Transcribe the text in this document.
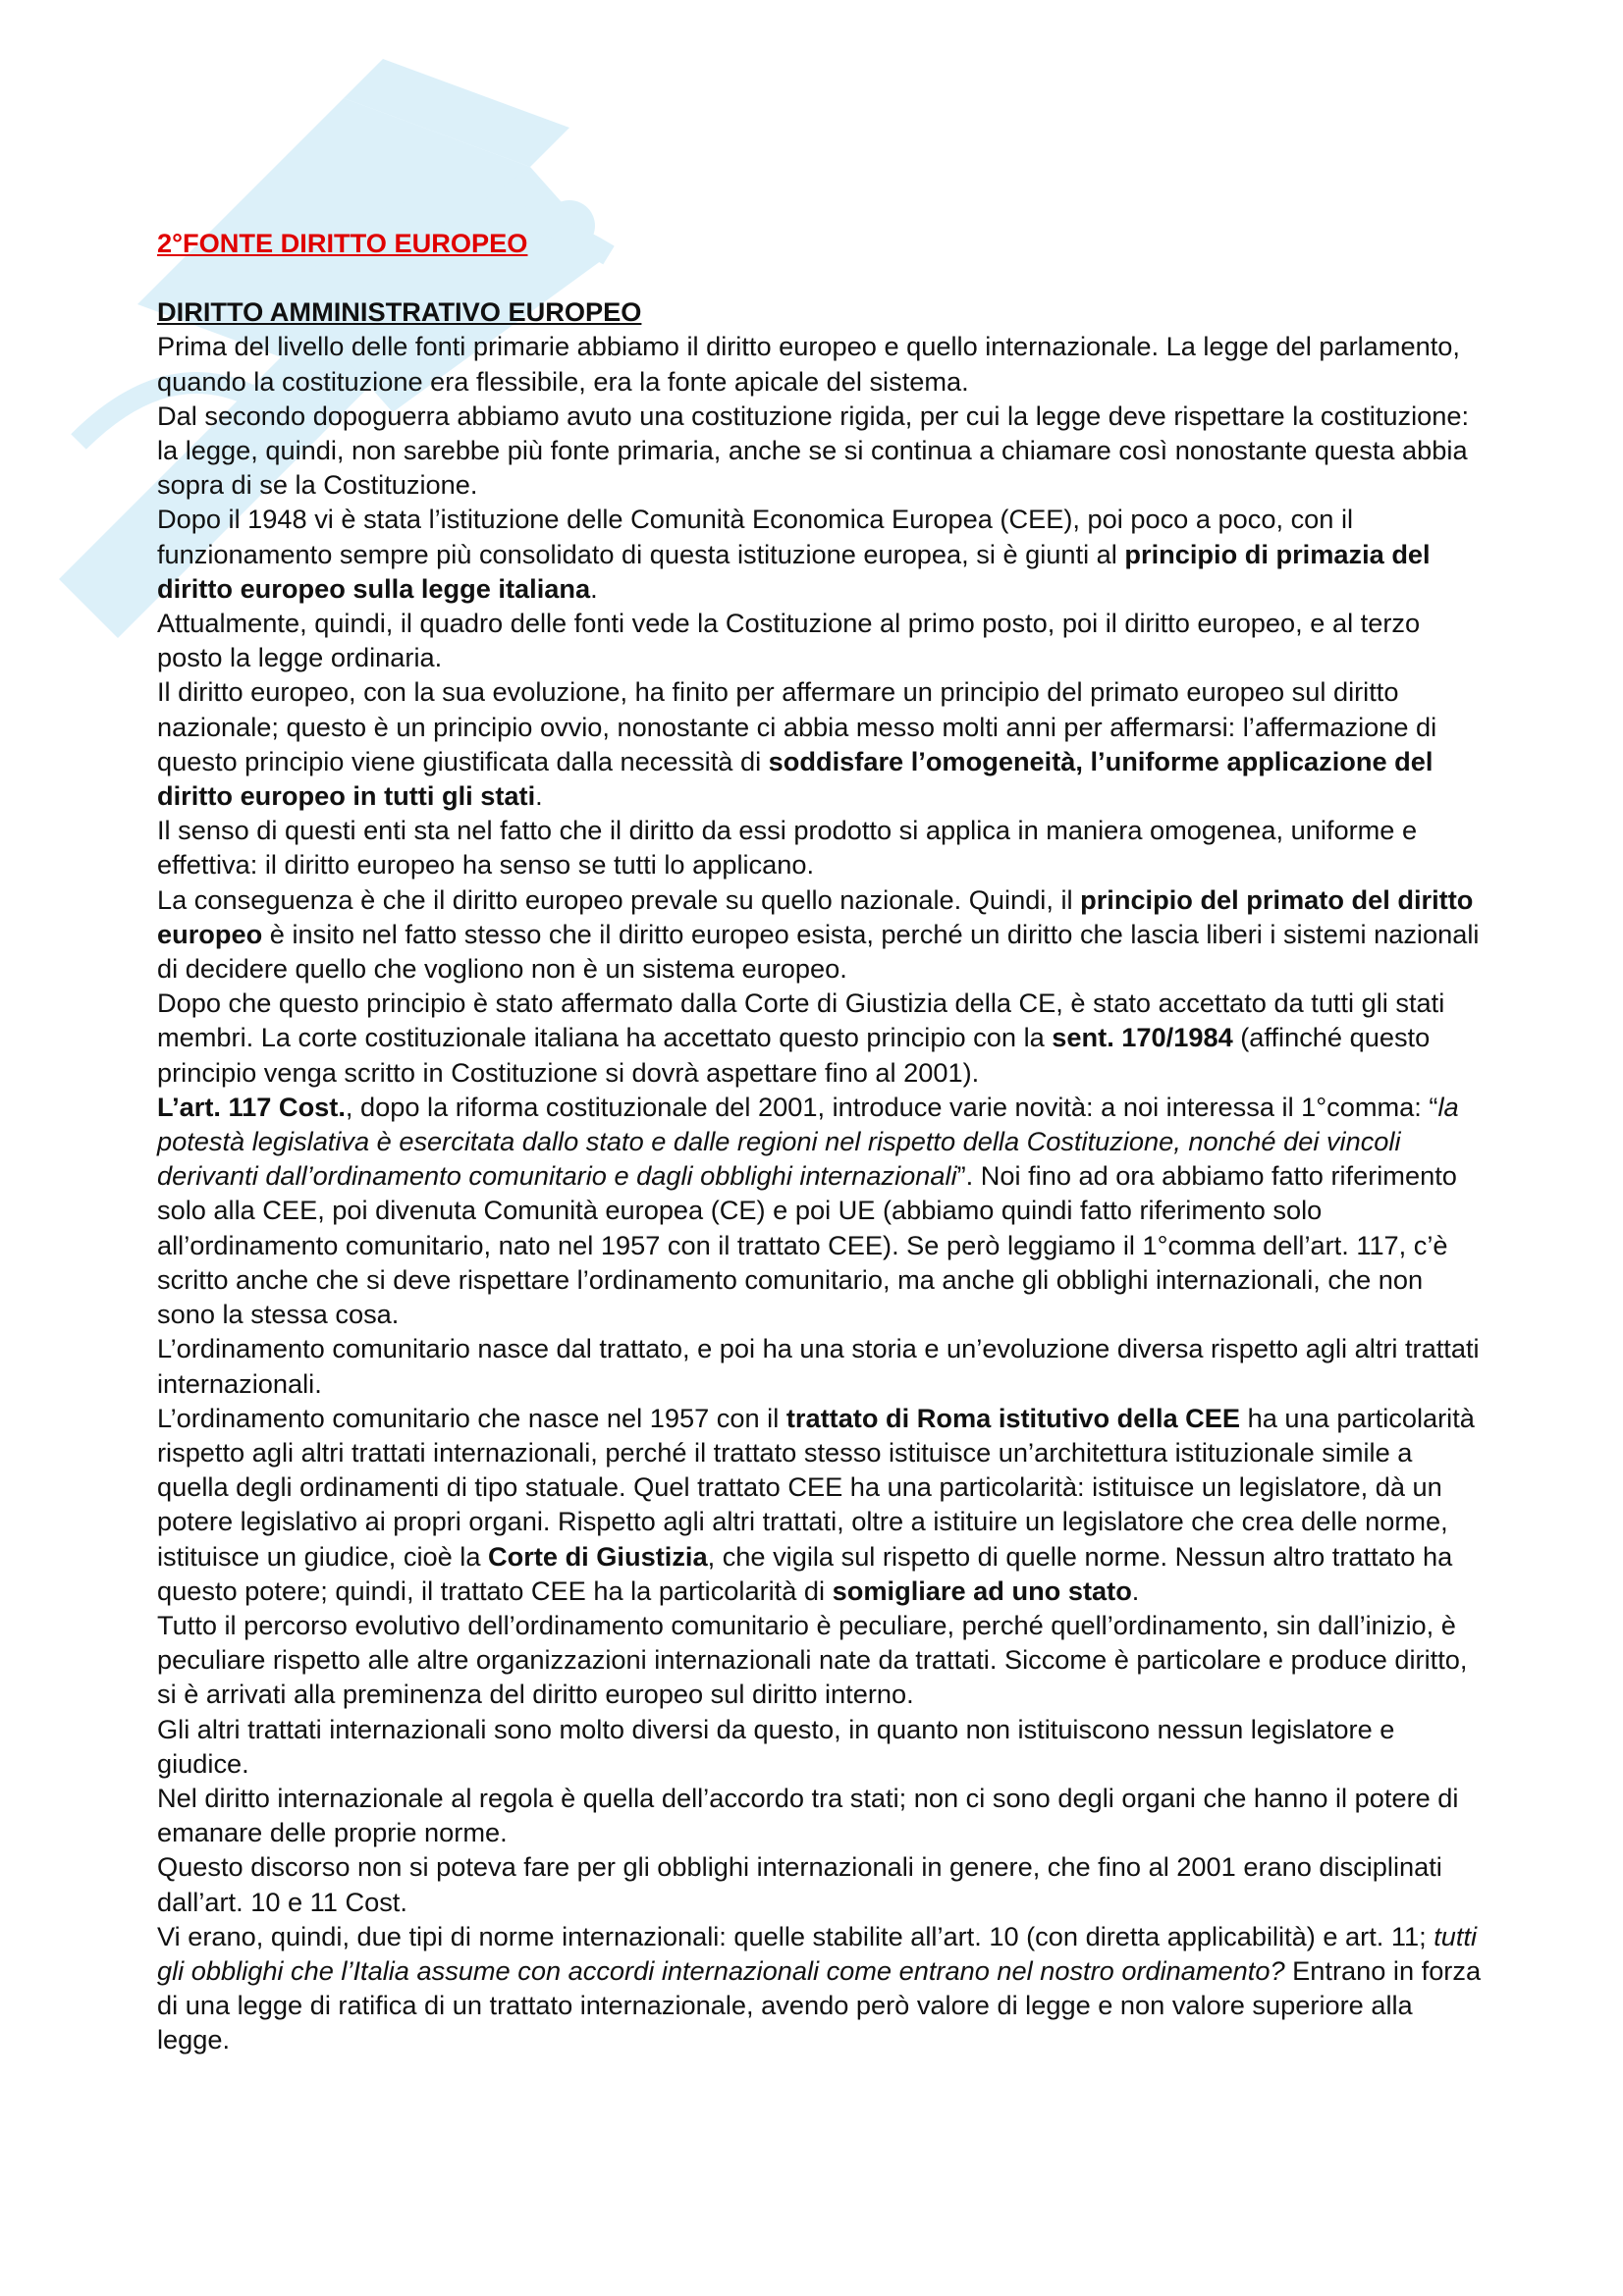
2°FONTE DIRITTO EUROPEO
DIRITTO AMMINISTRATIVO EUROPEO

Prima del livello delle fonti primarie abbiamo il diritto europeo e quello internazionale. La legge del parlamento, quando la costituzione era flessibile, era la fonte apicale del sistema.

Dal secondo dopoguerra abbiamo avuto una costituzione rigida, per cui la legge deve rispettare la costituzione: la legge, quindi, non sarebbe più fonte primaria, anche se si continua a chiamare così nonostante questa abbia sopra di se la Costituzione.

Dopo il 1948 vi è stata l’istituzione delle Comunità Economica Europea (CEE), poi poco a poco, con il funzionamento sempre più consolidato di questa istituzione europea, si è giunti al principio di primazia del diritto europeo sulla legge italiana.

Attualmente, quindi, il quadro delle fonti vede la Costituzione al primo posto, poi il diritto europeo, e al terzo posto la legge ordinaria.

Il diritto europeo, con la sua evoluzione, ha finito per affermare un principio del primato europeo sul diritto nazionale; questo è un principio ovvio, nonostante ci abbia messo molti anni per affermarsi: l’affermazione di questo principio viene giustificata dalla necessità di soddisfare l’omogeneità, l’uniforme applicazione del diritto europeo in tutti gli stati.

Il senso di questi enti sta nel fatto che il diritto da essi prodotto si applica in maniera omogenea, uniforme e effettiva: il diritto europeo ha senso se tutti lo applicano.

La conseguenza è che il diritto europeo prevale su quello nazionale. Quindi, il principio del primato del diritto europeo è insito nel fatto stesso che il diritto europeo esista, perché un diritto che lascia liberi i sistemi nazionali di decidere quello che vogliono non è un sistema europeo.

Dopo che questo principio è stato affermato dalla Corte di Giustizia della CE, è stato accettato da tutti gli stati membri. La corte costituzionale italiana ha accettato questo principio con la sent. 170/1984 (affinché questo principio venga scritto in Costituzione si dovrà aspettare fino al 2001).

L’art. 117 Cost., dopo la riforma costituzionale del 2001, introduce varie novità: a noi interessa il 1°comma: “la potestà legislativa è esercitata dallo stato e dalle regioni nel rispetto della Costituzione, nonché dei vincoli derivanti dall’ordinamento comunitario e dagli obblighi internazionali”. Noi fino ad ora abbiamo fatto riferimento solo alla CEE, poi divenuta Comunità europea (CE) e poi UE (abbiamo quindi fatto riferimento solo all’ordinamento comunitario, nato nel 1957 con il trattato CEE). Se però leggiamo il 1°comma dell’art. 117, c’è scritto anche che si deve rispettare l’ordinamento comunitario, ma anche gli obblighi internazionali, che non sono la stessa cosa.

L’ordinamento comunitario nasce dal trattato, e poi ha una storia e un’evoluzione diversa rispetto agli altri trattati internazionali.

L’ordinamento comunitario che nasce nel 1957 con il trattato di Roma istitutivo della CEE ha una particolarità rispetto agli altri trattati internazionali, perché il trattato stesso istituisce un’architettura istituzionale simile a quella degli ordinamenti di tipo statuale. Quel trattato CEE ha una particolarità: istituisce un legislatore, dà un potere legislativo ai propri organi. Rispetto agli altri trattati, oltre a istituire un legislatore che crea delle norme, istituisce un giudice, cioè la Corte di Giustizia, che vigila sul rispetto di quelle norme. Nessun altro trattato ha questo potere; quindi, il trattato CEE ha la particolarità di somigliare ad uno stato.

Tutto il percorso evolutivo dell’ordinamento comunitario è peculiare, perché quell’ordinamento, sin dall’inizio, è peculiare rispetto alle altre organizzazioni internazionali nate da trattati. Siccome è particolare e produce diritto, si è arrivati alla preminenza del diritto europeo sul diritto interno.

Gli altri trattati internazionali sono molto diversi da questo, in quanto non istituiscono nessun legislatore e giudice.

Nel diritto internazionale al regola è quella dell’accordo tra stati; non ci sono degli organi che hanno il potere di emanare delle proprie norme.

Questo discorso non si poteva fare per gli obblighi internazionali in genere, che fino al 2001 erano disciplinati dall’art. 10 e 11 Cost.

Vi erano, quindi, due tipi di norme internazionali: quelle stabilite all’art. 10 (con diretta applicabilità) e art. 11; tutti gli obblighi che l’Italia assume con accordi internazionali come entrano nel nostro ordinamento? Entrano in forza di una legge di ratifica di un trattato internazionale, avendo però valore di legge e non valore superiore alla legge.
